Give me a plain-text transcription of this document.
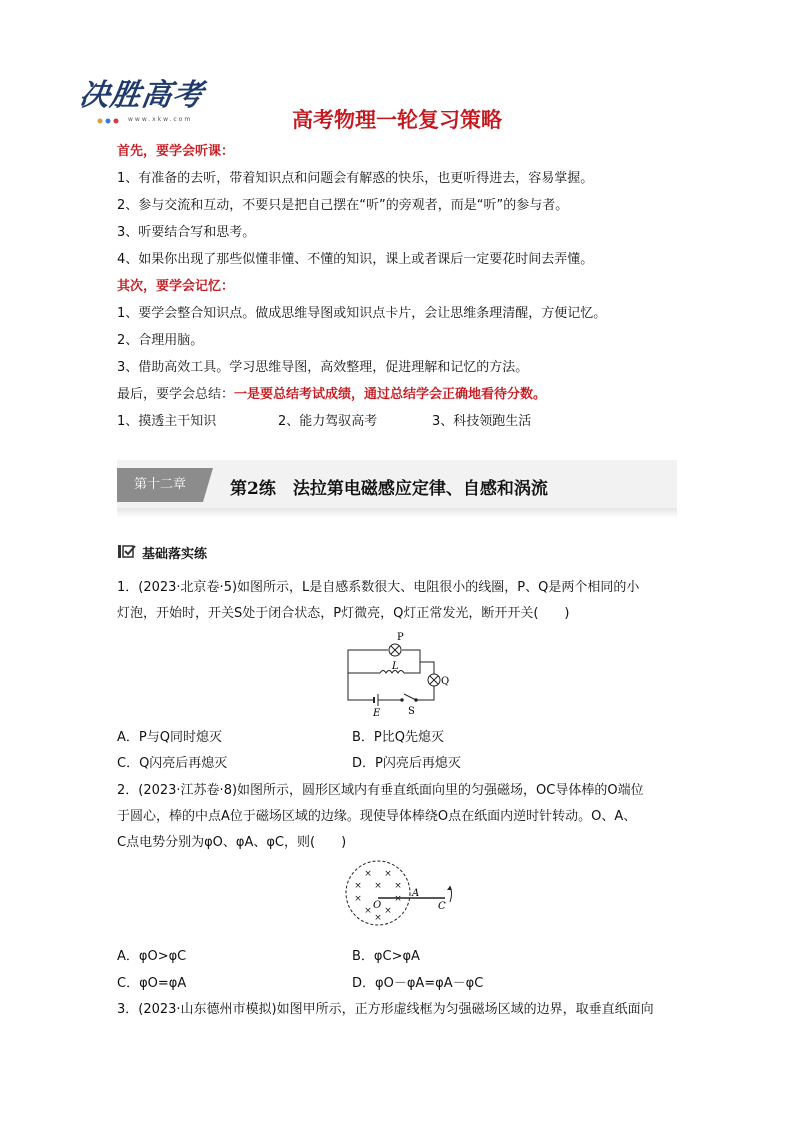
决胜高考
www.xkw.com	高考物理一轮复习策略
首先，要学会听课：
1、有准备的去听，带着知识点和问题会有解惑的快乐，也更听得进去，容易掌握。
2、参与交流和互动，不要只是把自己摆在“听”的旁观者，而是“听”的参与者。
3、听要结合写和思考。
4、如果你出现了那些似懂非懂、不懂的知识，课上或者课后一定要花时间去弄懂。
其次，要学会记忆：
1、要学会整合知识点。做成思维导图或知识点卡片，会让思维条理清醒，方便记忆。
2、合理用脑。
3、借助高效工具。学习思维导图，高效整理，促进理解和记忆的方法。
最后，要学会总结：一是要总结考试成绩，通过总结学会正确地看待分数。
1、摸透主干知识	2、能力驾驭高考	3、科技领跑生活
第十二章	第2练　法拉第电磁感应定律、自感和涡流
基础落实练
1．(2023·北京卷·5)如图所示，L是自感系数很大、电阻很小的线圈，P、Q是两个相同的小
灯泡，开始时，开关S处于闭合状态，P灯微亮，Q灯正常发光，断开开关(　　)
P
L
Q
E	S
A．P与Q同时熄灭	B．P比Q先熄灭
C．Q闪亮后再熄灭	D．P闪亮后再熄灭
2．(2023·江苏卷·8)如图所示，圆形区域内有垂直纸面向里的匀强磁场，OC导体棒的O端位
于圆心，棒的中点A位于磁场区域的边缘。现使导体棒绕O点在纸面内逆时针转动。O、A、
C点电势分别为φO、φA、φC，则(　　)
× ×
× × ×
×	×
× ×
×
O
A
C
A．φO>φC	B．φC>φA
C．φO=φA	D．φO－φA=φA－φC
3．(2023·山东德州市模拟)如图甲所示，正方形虚线框为匀强磁场区域的边界，取垂直纸面向
